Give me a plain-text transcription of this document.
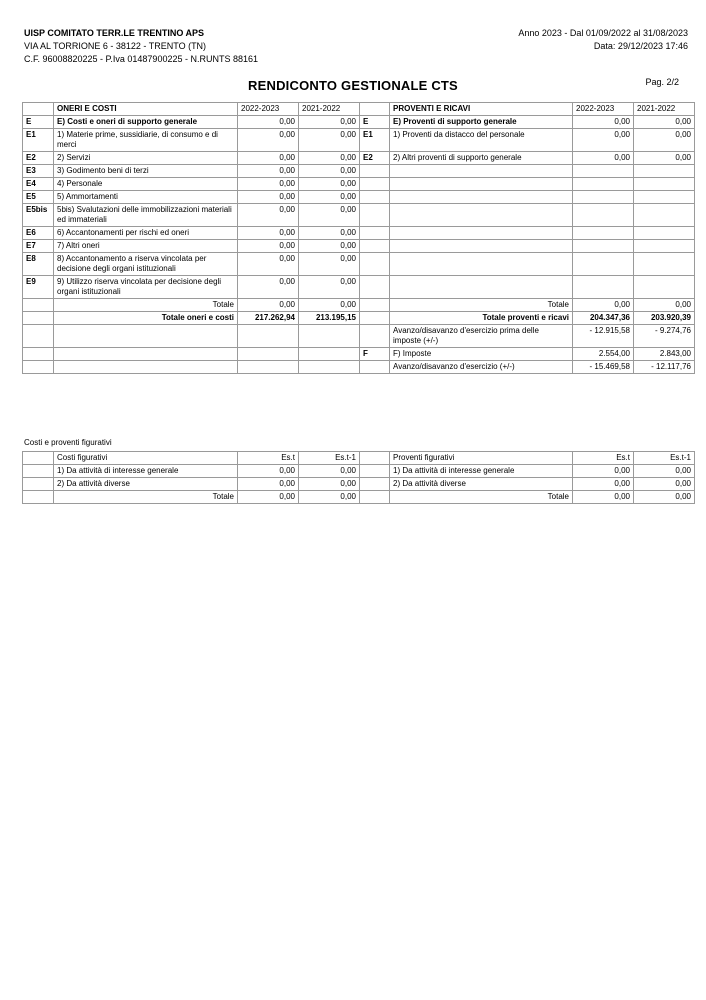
UISP COMITATO TERR.LE TRENTINO APS
VIA AL TORRIONE 6 - 38122 - TRENTO (TN)
C.F. 96008820225 - P.Iva 01487900225 - N.RUNTS 88161
Anno 2023 - Dal 01/09/2022 al 31/08/2023
Data: 29/12/2023 17:46
RENDICONTO GESTIONALE CTS	Pag. 2/2
	ONERI E COSTI	2022-2023	2021-2022		PROVENTI E RICAVI	2022-2023	2021-2022
E	E) Costi e oneri di supporto generale	0,00	0,00	E	E) Proventi di supporto generale	0,00	0,00
E1	1) Materie prime, sussidiarie, di consumo e di merci	0,00	0,00	E1	1) Proventi da distacco del personale	0,00	0,00
E2	2) Servizi	0,00	0,00	E2	2) Altri proventi di supporto generale	0,00	0,00
E3	3) Godimento beni di terzi	0,00	0,00				
E4	4) Personale	0,00	0,00				
E5	5) Ammortamenti	0,00	0,00				
E5bis	5bis) Svalutazioni delle immobilizzazioni materiali ed immateriali	0,00	0,00				
E6	6) Accantonamenti per rischi ed oneri	0,00	0,00				
E7	7) Altri oneri	0,00	0,00				
E8	8) Accantonamento a riserva vincolata per decisione degli organi istituzionali	0,00	0,00				
E9	9) Utilizzo riserva vincolata per decisione degli organi istituzionali	0,00	0,00				
	Totale	0,00	0,00		Totale	0,00	0,00
	Totale oneri e costi	217.262,94	213.195,15		Totale proventi e ricavi	204.347,36	203.920,39
					Avanzo/disavanzo d'esercizio prima delle imposte (+/-)	- 12.915,58	- 9.274,76
				F	F) Imposte	2.554,00	2.843,00
					Avanzo/disavanzo d'esercizio (+/-)	- 15.469,58	- 12.117,76
Costi e proventi figurativi
	Costi figurativi	Es.t	Es.t-1		Proventi figurativi	Es.t	Es.t-1
	1) Da attività di interesse generale	0,00	0,00		1) Da attività di interesse generale	0,00	0,00
	2) Da attività diverse	0,00	0,00		2) Da attività diverse	0,00	0,00
	Totale	0,00	0,00		Totale	0,00	0,00
